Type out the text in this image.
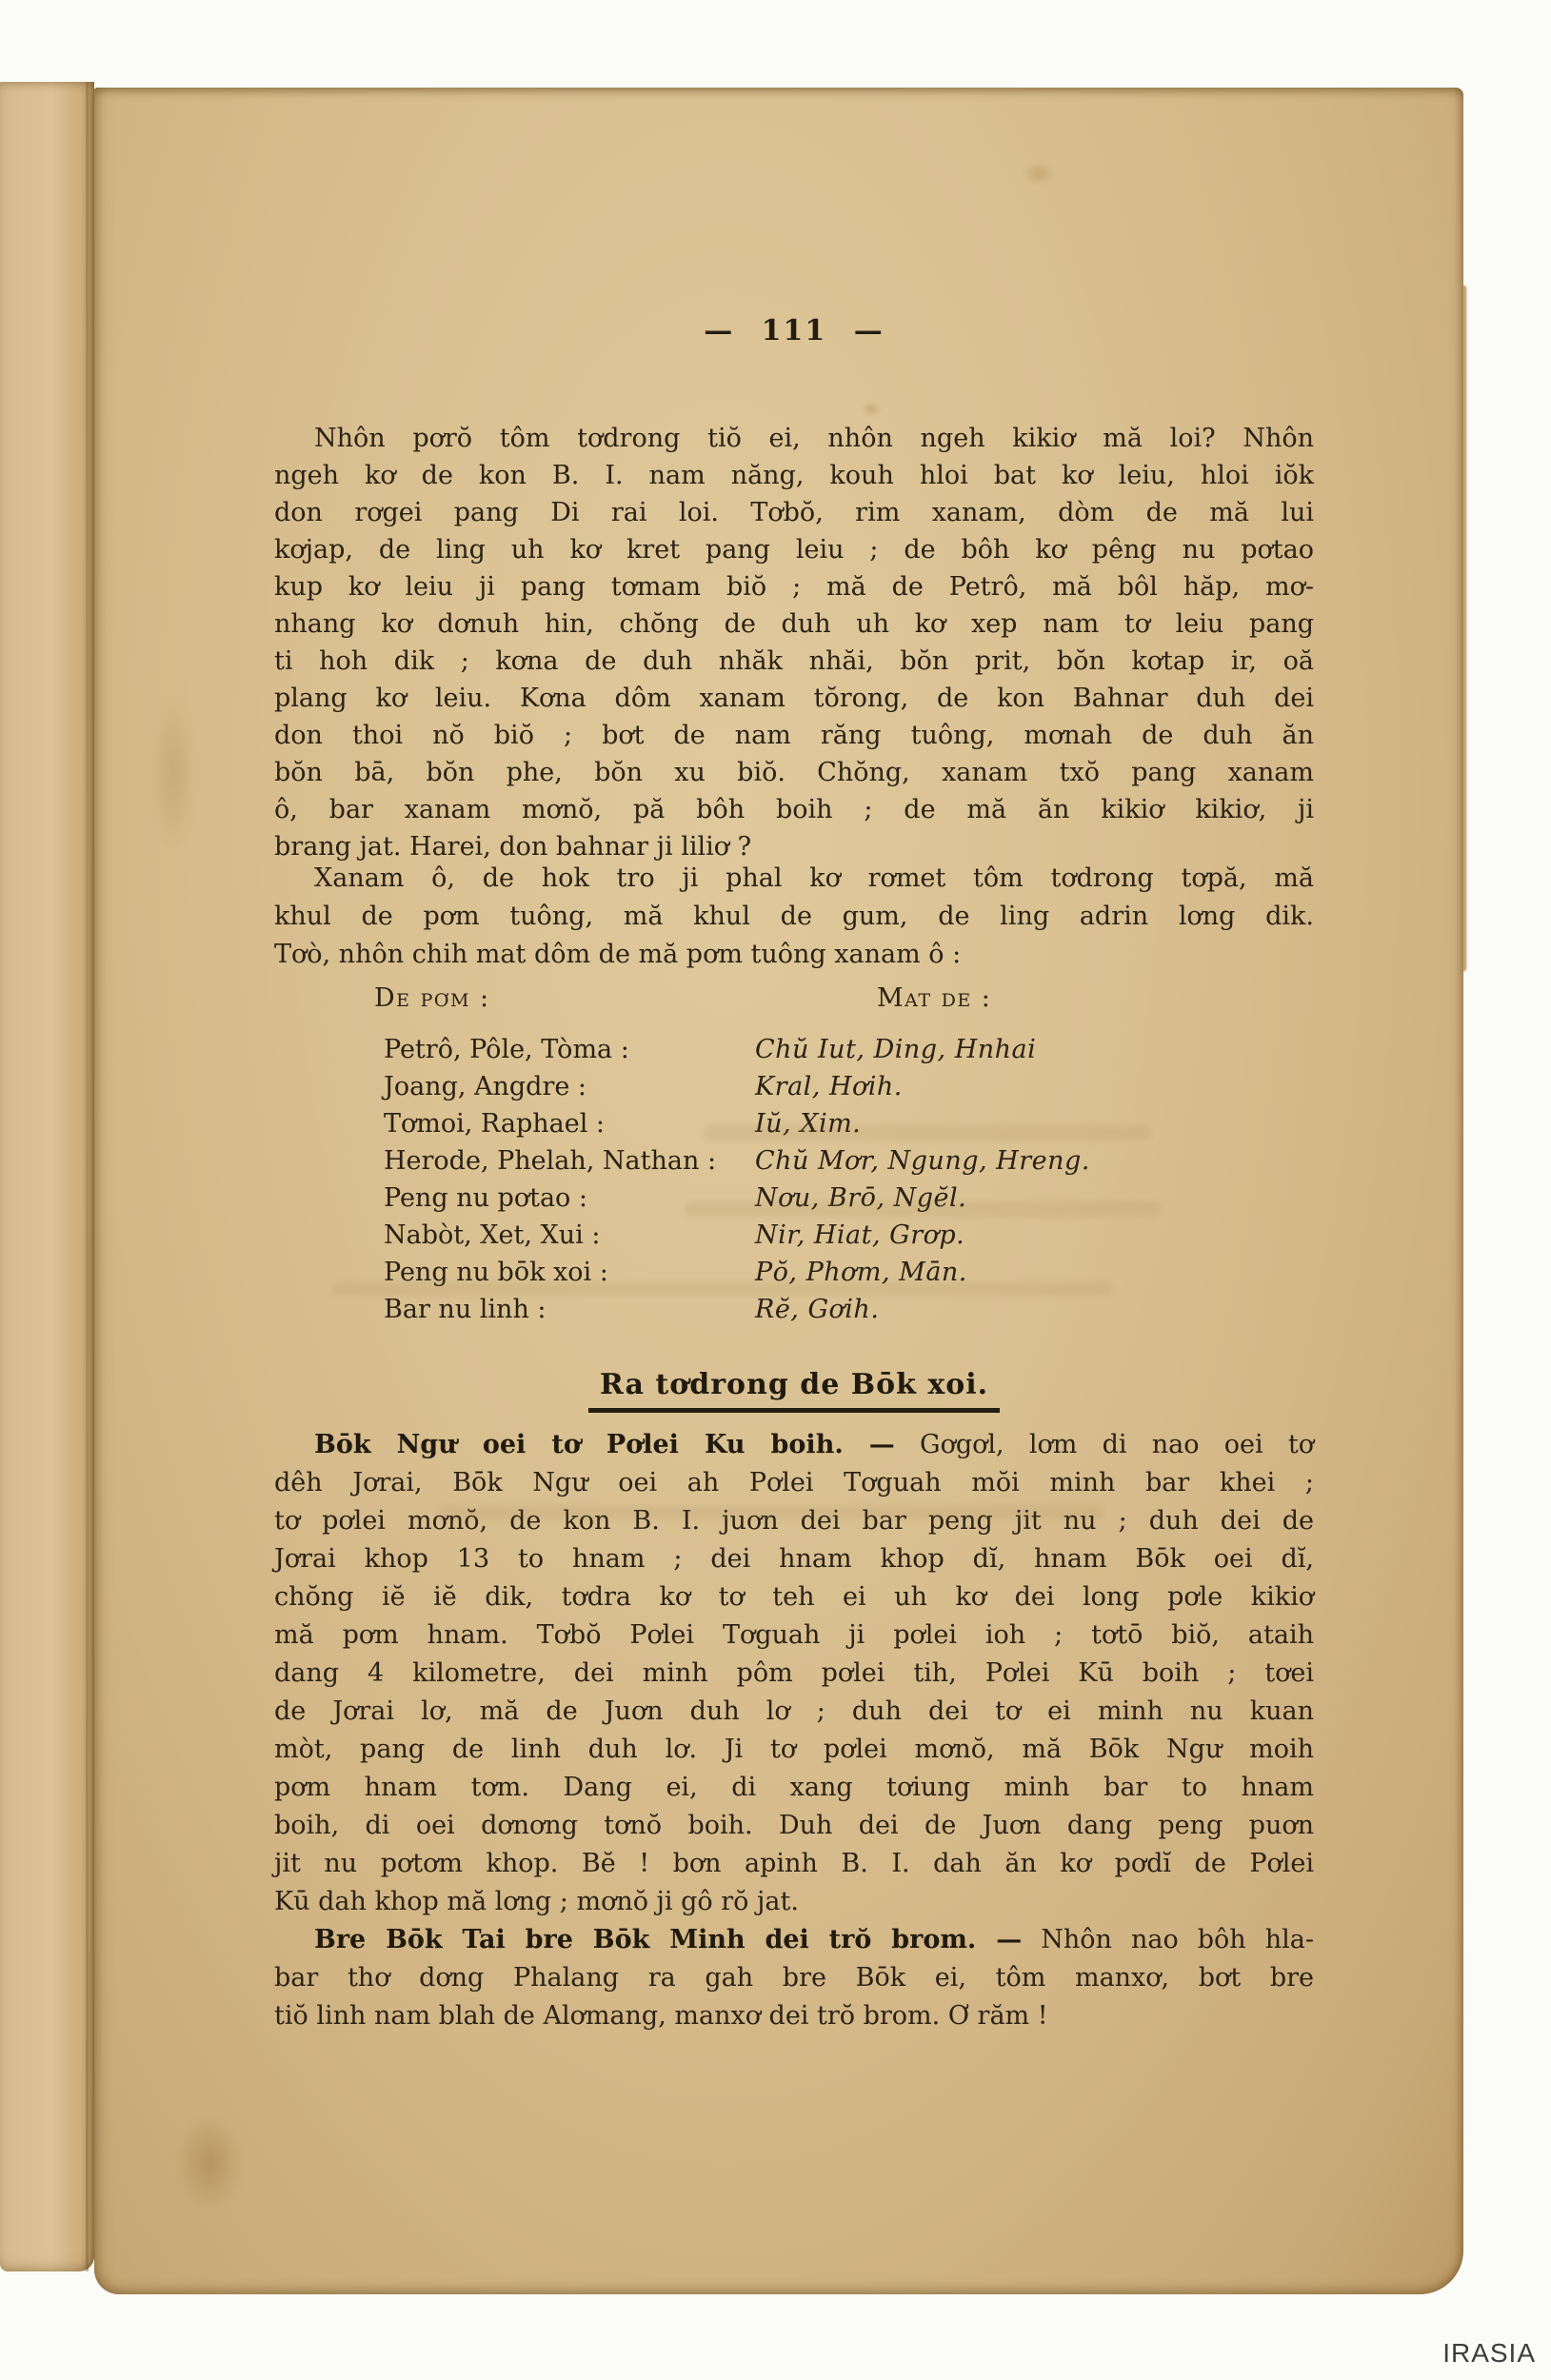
— 111 —
Nhôn pơrŏ tôm tơdrong tiŏ ei, nhôn ngeh kikiơ mă loi? Nhôn
ngeh kơ de kon B. I. nam năng, kouh hloi bat kơ leiu, hloi iŏk
don rơgei pang Di rai loi. Tơbŏ, rim xanam, dòm de mă lui
kơjap, de ling uh kơ kret pang leiu ; de bôh kơ pêng nu pơtao
kup kơ leiu ji pang tơmam biŏ ; mă de Petrô, mă bôl hăp, mơ-
nhang kơ dơnuh hin, chŏng de duh uh kơ xep nam tơ leiu pang
ti hoh dik ; kơna de duh nhăk nhăi, bŏn prit, bŏn kơtap ir, oă
plang kơ leiu. Kơna dôm xanam tŏrong, de kon Bahnar duh dei
don thoi nŏ biŏ ; bơt de nam răng tuông, mơnah de duh ăn
bŏn bā, bŏn phe, bŏn xu biŏ. Chŏng, xanam txŏ pang xanam
ô, bar xanam mơnŏ, pă bôh boih ; de mă ăn kikiơ kikiơ, ji
brang jat. Harei, don bahnar ji liliơ ?
Xanam ô, de hok tro ji phal kơ rơmet tôm tơdrong tơpă, mă
khul de pơm tuông, mă khul de gum, de ling adrin lơng dik.
Tơò, nhôn chih mat dôm de mă pơm tuông xanam ô :
De pơm :	Mat de :
Petrô, Pôle, Tòma :	Chŭ Iut, Ding, Hnhai
Joang, Angdre :	Kral, Hơih.
Tơmoi, Raphael :	Iŭ, Xim.
Herode, Phelah, Nathan :	Chŭ Mơr, Ngung, Hreng.
Peng nu pơtao :	Nơu, Brō, Ngĕl.
Nabòt, Xet, Xui :	Nir, Hiat, Grơp.
Peng nu bōk xoi :	Pŏ, Phơm, Mān.
Bar nu linh :	Rĕ, Gơih.
Ra tơdrong de Bōk xoi.
Bōk Ngư oei tơ Pơlei Ku boih. — Gơgơl, lơm di nao oei tơ
dêh Jơrai, Bōk Ngư oei ah Pơlei Tơguah mŏi minh bar khei ;
tơ pơlei mơnŏ, de kon B. I. juơn dei bar peng jit nu ; duh dei de
Jơrai khop 13 to hnam ; dei hnam khop dĭ, hnam Bōk oei dĭ,
chŏng iĕ iĕ dik, tơdra kơ tơ teh ei uh kơ dei long pơle kikiơ
mă pơm hnam. Tơbŏ Pơlei Tơguah ji pơlei ioh ; tơtō biŏ, ataih
dang 4 kilometre, dei minh pôm pơlei tih, Pơlei Kū boih ; tơei
de Jơrai lơ, mă de Juơn duh lơ ; duh dei tơ ei minh nu kuan
mòt, pang de linh duh lơ. Ji tơ pơlei mơnŏ, mă Bōk Ngư moih
pơm hnam tơm. Dang ei, di xang tơiung minh bar to hnam
boih, di oei dơnơng tơnŏ boih. Duh dei de Juơn dang peng puơn
jit nu pơtơm khop. Bĕ ! bơn apinh B. I. dah ăn kơ pơdĭ de Pơlei
Kū dah khop mă lơng ; mơnŏ ji gô rŏ jat.
Bre Bōk Tai bre Bōk Minh dei trŏ brom. — Nhôn nao bôh hla-
bar thơ dơng Phalang ra gah bre Bōk ei, tôm manxơ, bơt bre
tiŏ linh nam blah de Alơmang, manxơ dei trŏ brom. Ơ răm !
IRASIA
